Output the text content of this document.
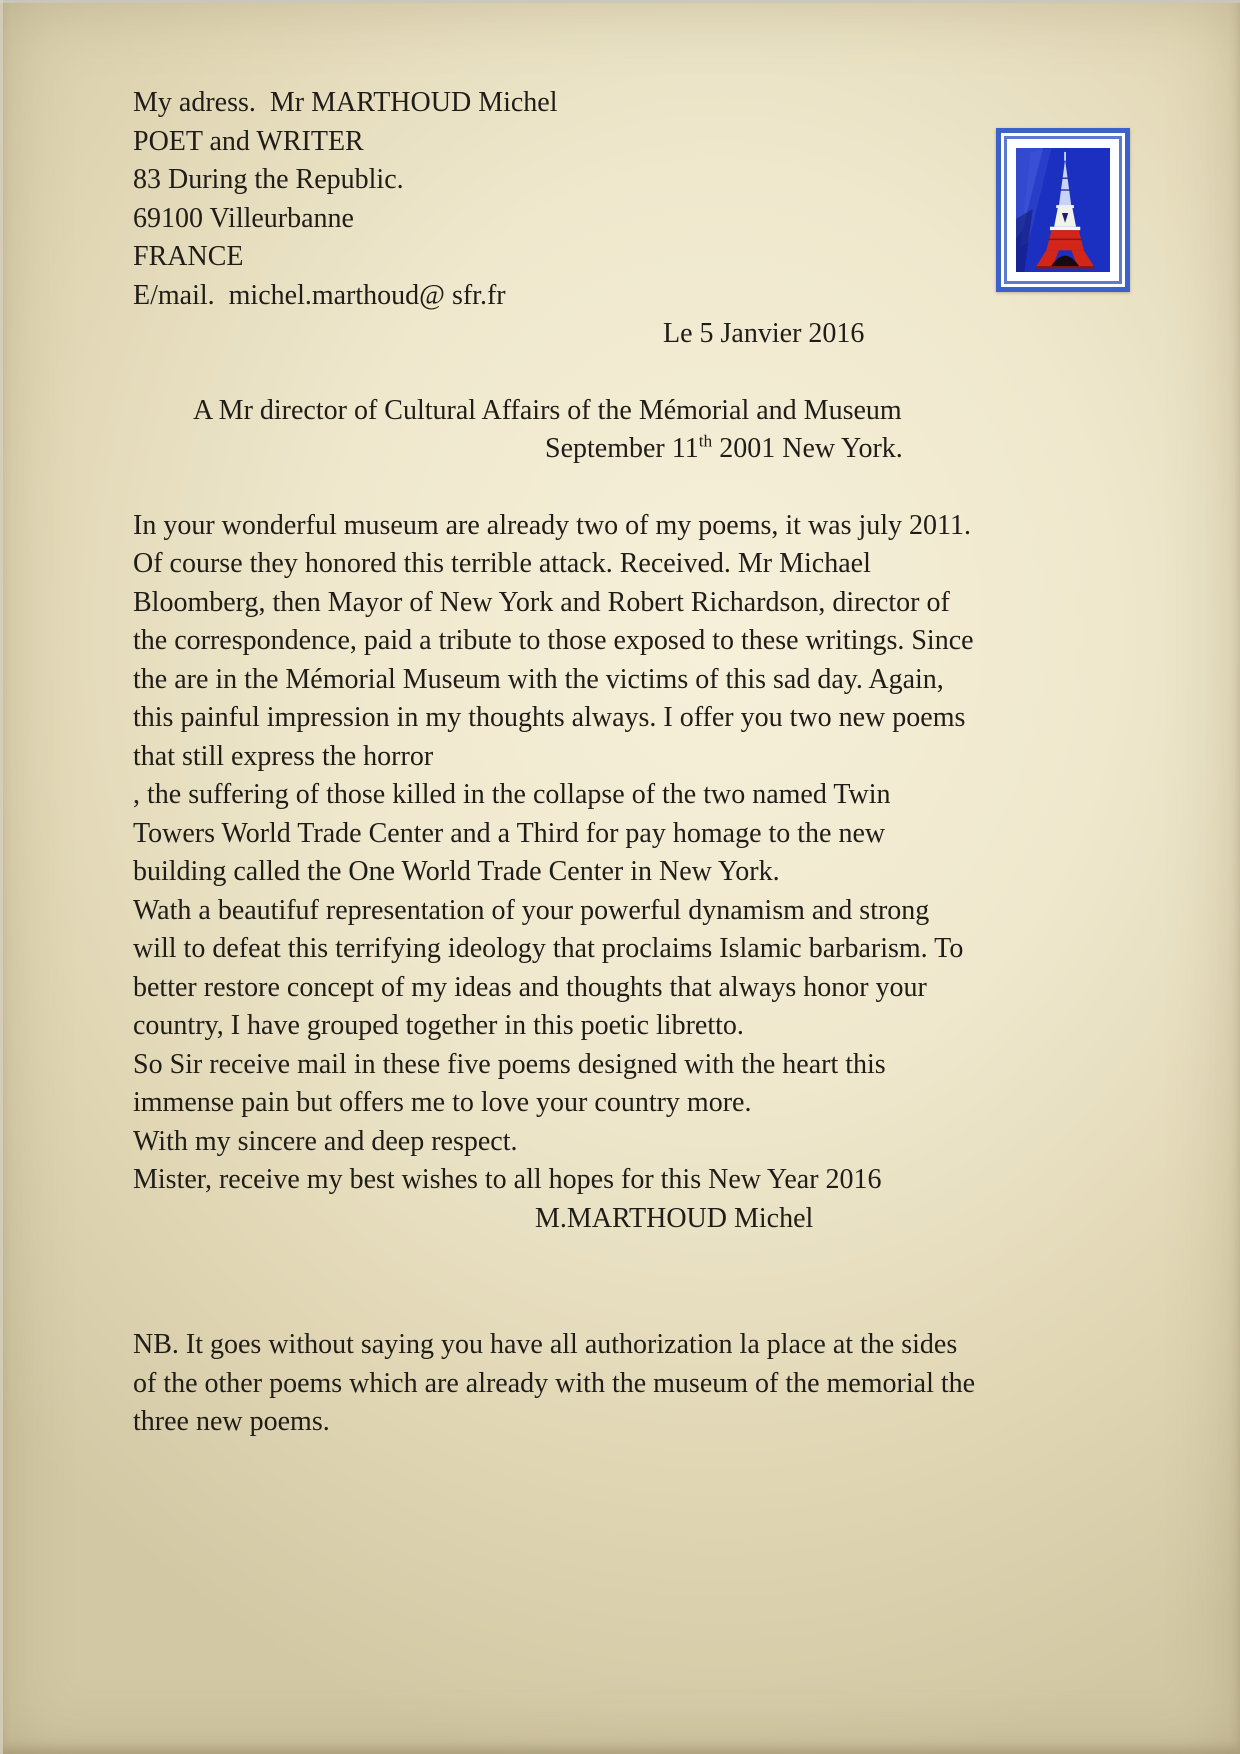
My adress.  Mr MARTHOUD Michel
POET and WRITER
83 During the Republic.
69100 Villeurbanne
FRANCE
E/mail.  michel.marthoud@ sfr.fr
Le 5 Janvier 2016
A Mr director of Cultural Affairs of the Mémorial and Museum
September 11th 2001 New York.
In your wonderful museum are already two of my poems, it was july 2011.
Of course they honored this terrible attack. Received. Mr Michael
Bloomberg, then Mayor of New York and Robert Richardson, director of
the correspondence, paid a tribute to those exposed to these writings. Since
the are in the Mémorial Museum with the victims of this sad day. Again,
this painful impression in my thoughts always. I offer you two new poems
that still express the horror
, the suffering of those killed in the collapse of the two named Twin
Towers World Trade Center and a Third for pay homage to the new
building called the One World Trade Center in New York.
Wath a beautifuf representation of your powerful dynamism and strong
will to defeat this terrifying ideology that proclaims Islamic barbarism. To
better restore concept of my ideas and thoughts that always honor your
country, I have grouped together in this poetic libretto.
So Sir receive mail in these five poems designed with the heart this
immense pain but offers me to love your country more.
With my sincere and deep respect.
Mister, receive my best wishes to all hopes for this New Year 2016
M.MARTHOUD Michel
NB. It goes without saying you have all authorization la place at the sides
of the other poems which are already with the museum of the memorial the
three new poems.
